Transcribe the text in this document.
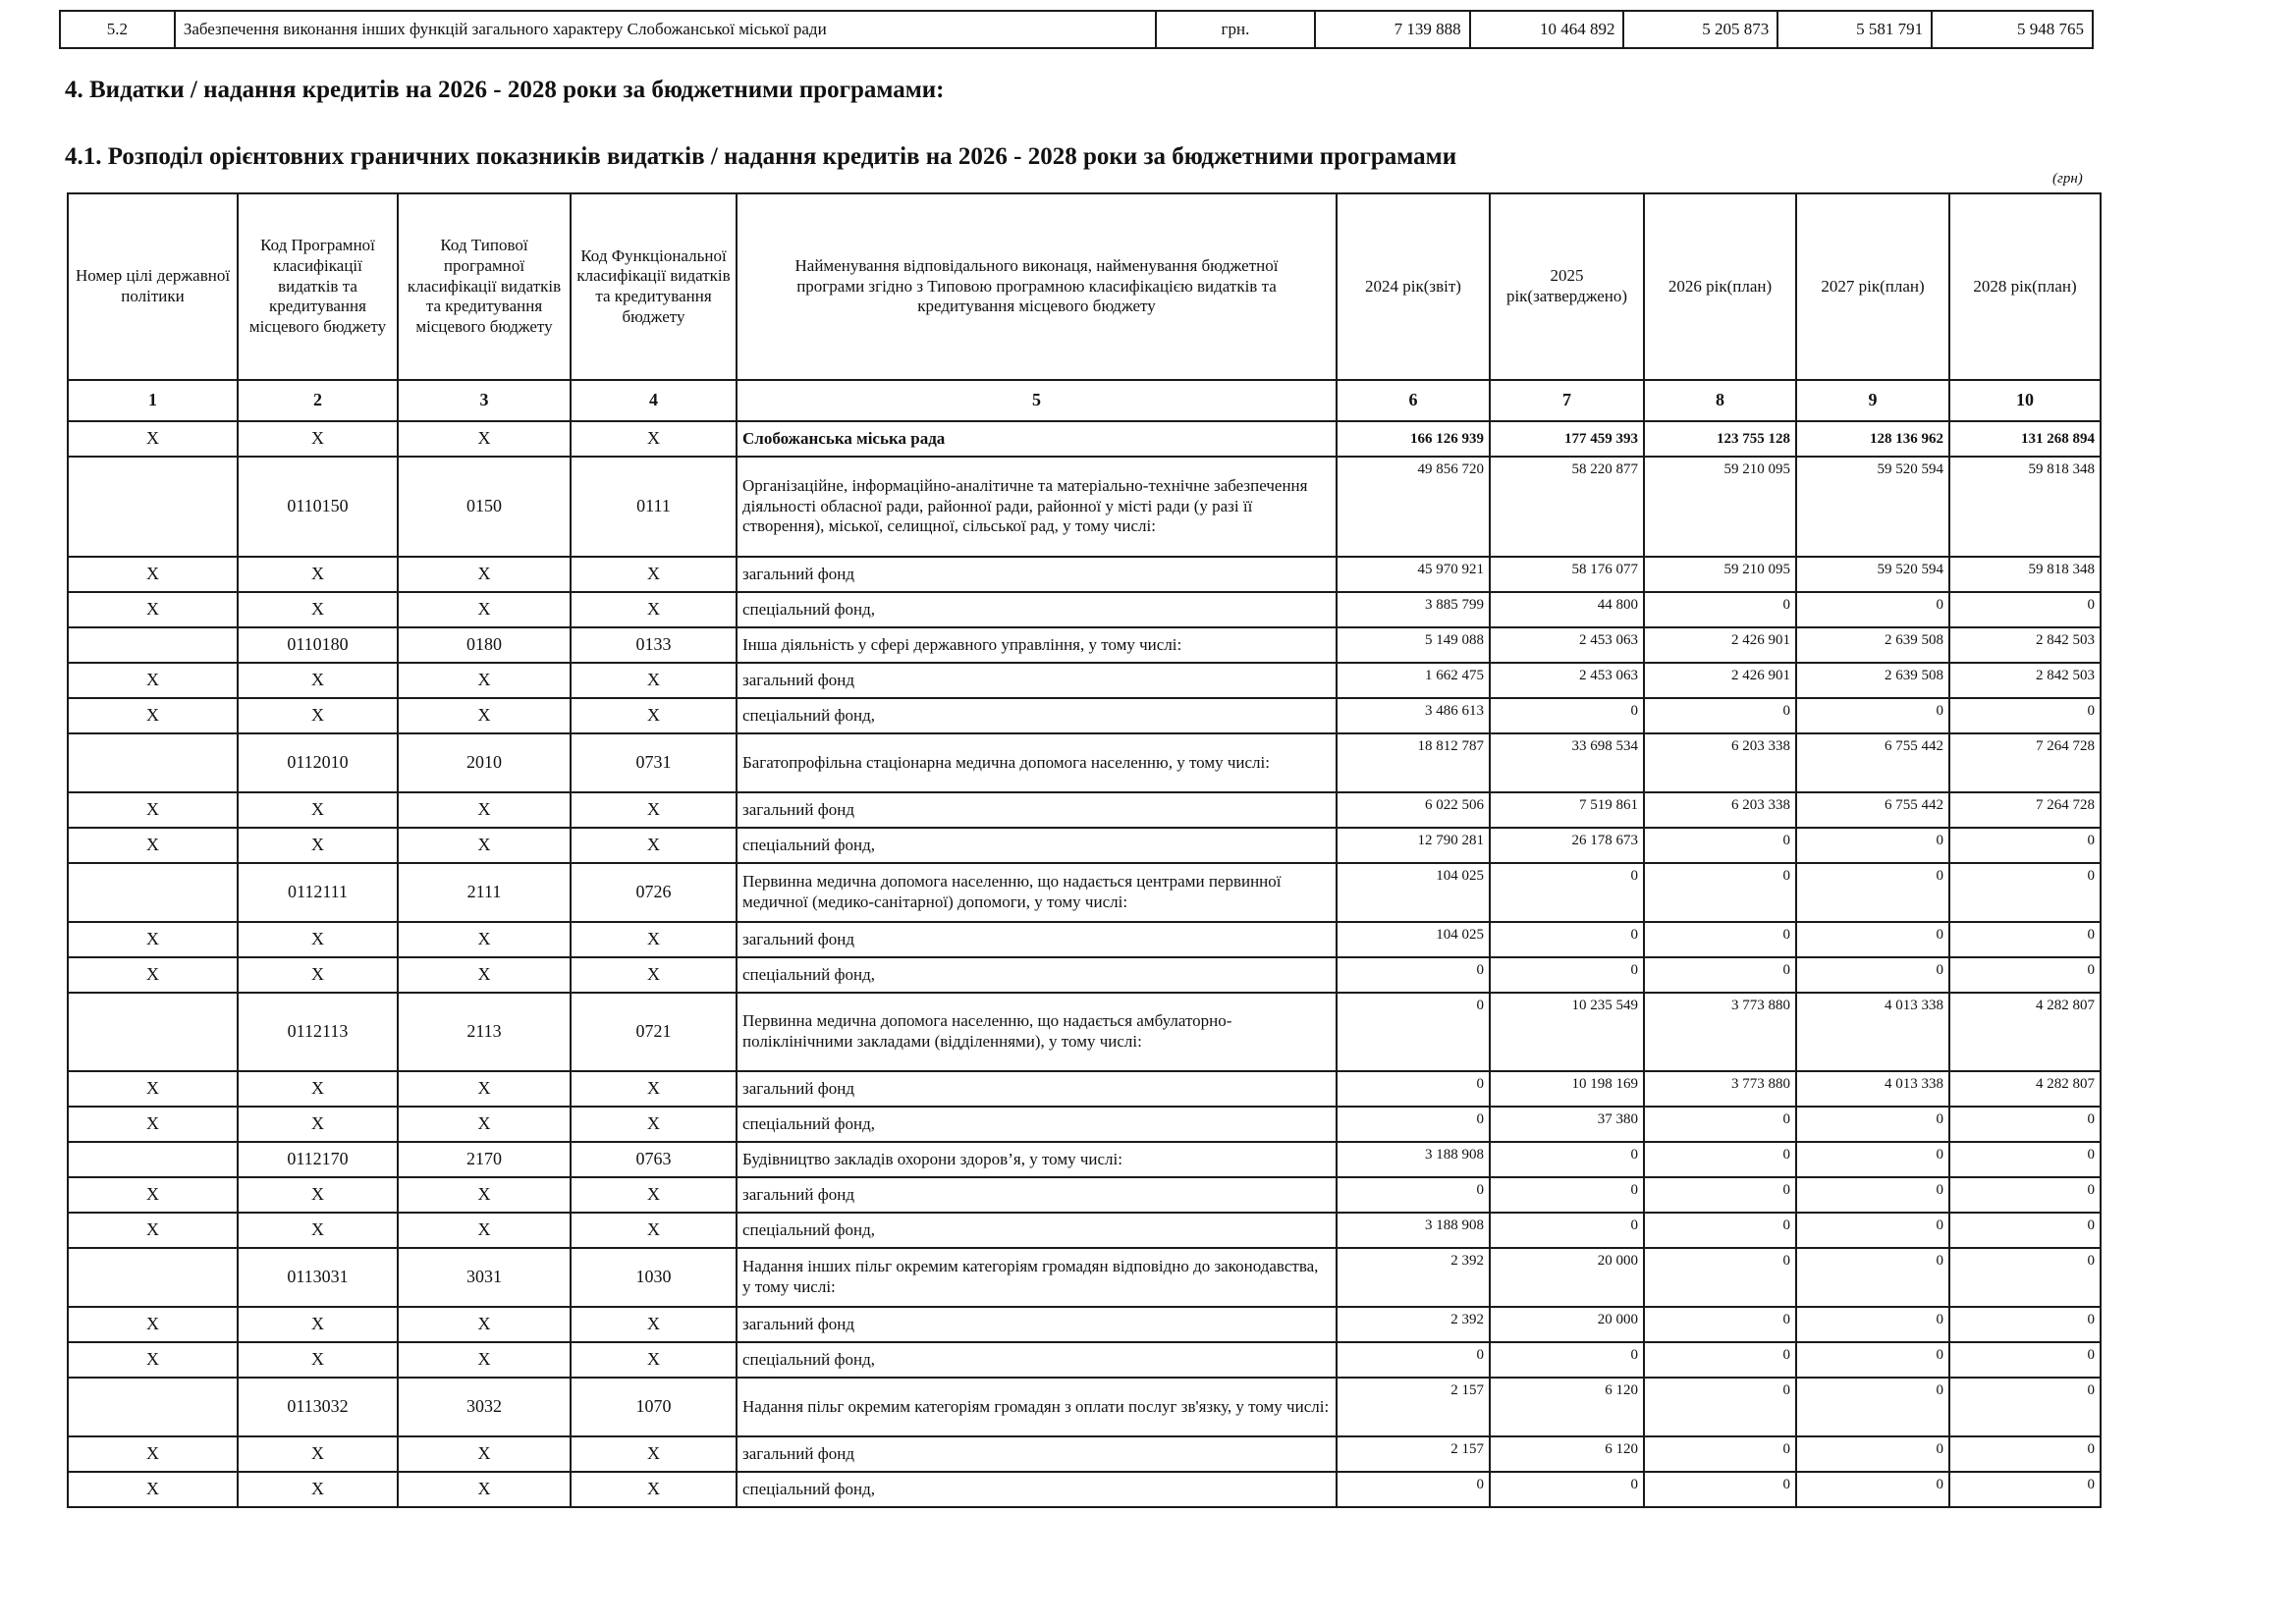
5.2	Забезпечення виконання інших функцій загального характеру Слобожанської міської ради	грн.	7 139 888	10 464 892	5 205 873	5 581 791	5 948 765
4. Видатки / надання кредитів на 2026 - 2028 роки за бюджетними програмами:
4.1. Розподіл орієнтовних граничних показників видатків / надання кредитів на 2026 - 2028 роки за бюджетними програмами
(грн)
Номер цілі державної політики	Код Програмної класифікації видатків та кредитування місцевого бюджету	Код Типової програмної класифікації видатків та кредитування місцевого бюджету	Код Функціональної класифікації видатків та кредитування бюджету	Найменування відповідального виконаця, найменування бюджетної програми згідно з Типовою програмною класифікацією видатків та кредитування місцевого бюджету	2024 рік(звіт)	2025 рік(затверджено)	2026 рік(план)	2027 рік(план)	2028 рік(план)
1	2	3	4	5	6	7	8	9	10
Х	Х	Х	Х	Слобожанська міська рада	166 126 939	177 459 393	123 755 128	128 136 962	131 268 894
	0110150	0150	0111	Організаційне, інформаційно-аналітичне та матеріально-технічне забезпечення діяльності обласної ради, районної ради, районної у місті ради (у разі її створення), міської, селищної, сільської рад, у тому числі:	49 856 720	58 220 877	59 210 095	59 520 594	59 818 348
Х	Х	Х	Х	загальний фонд	45 970 921	58 176 077	59 210 095	59 520 594	59 818 348
Х	Х	Х	Х	спеціальний фонд,	3 885 799	44 800	0	0	0
	0110180	0180	0133	Інша діяльність у сфері державного управління, у тому числі:	5 149 088	2 453 063	2 426 901	2 639 508	2 842 503
Х	Х	Х	Х	загальний фонд	1 662 475	2 453 063	2 426 901	2 639 508	2 842 503
Х	Х	Х	Х	спеціальний фонд,	3 486 613	0	0	0	0
	0112010	2010	0731	Багатопрофільна стаціонарна медична допомога населенню, у тому числі:	18 812 787	33 698 534	6 203 338	6 755 442	7 264 728
Х	Х	Х	Х	загальний фонд	6 022 506	7 519 861	6 203 338	6 755 442	7 264 728
Х	Х	Х	Х	спеціальний фонд,	12 790 281	26 178 673	0	0	0
	0112111	2111	0726	Первинна медична допомога населенню, що надається центрами первинної медичної (медико-санітарної) допомоги, у тому числі:	104 025	0	0	0	0
Х	Х	Х	Х	загальний фонд	104 025	0	0	0	0
Х	Х	Х	Х	спеціальний фонд,	0	0	0	0	0
	0112113	2113	0721	Первинна медична допомога населенню, що надається амбулаторно-поліклінічними закладами (відділеннями), у тому числі:	0	10 235 549	3 773 880	4 013 338	4 282 807
Х	Х	Х	Х	загальний фонд	0	10 198 169	3 773 880	4 013 338	4 282 807
Х	Х	Х	Х	спеціальний фонд,	0	37 380	0	0	0
	0112170	2170	0763	Будівництво закладів охорони здоров’я, у тому числі:	3 188 908	0	0	0	0
Х	Х	Х	Х	загальний фонд	0	0	0	0	0
Х	Х	Х	Х	спеціальний фонд,	3 188 908	0	0	0	0
	0113031	3031	1030	Надання інших пільг окремим категоріям громадян відповідно до законодавства, у тому числі:	2 392	20 000	0	0	0
Х	Х	Х	Х	загальний фонд	2 392	20 000	0	0	0
Х	Х	Х	Х	спеціальний фонд,	0	0	0	0	0
	0113032	3032	1070	Надання пільг окремим категоріям громадян з оплати послуг зв'язку, у тому числі:	2 157	6 120	0	0	0
Х	Х	Х	Х	загальний фонд	2 157	6 120	0	0	0
Х	Х	Х	Х	спеціальний фонд,	0	0	0	0	0
